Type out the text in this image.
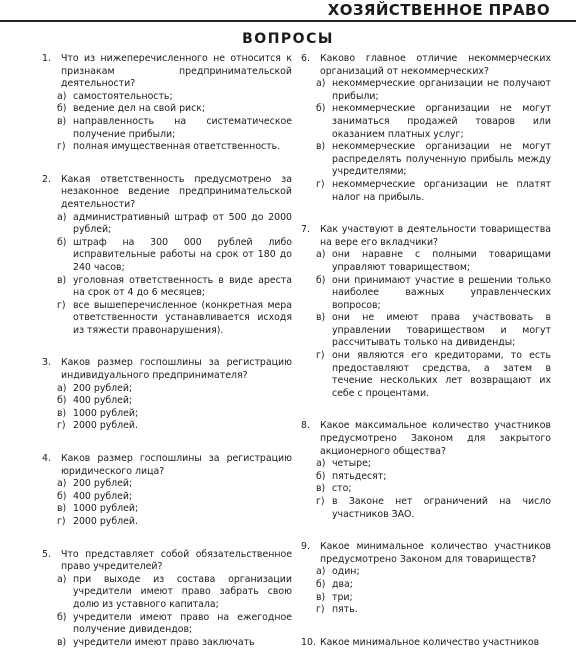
ХОЗЯЙСТВЕННОЕ ПРАВО
ВОПРОСЫ
1.	Что из нижеперечисленного не относится к признакам предпринимательской деятельности?
а) самостоятельность;
б) ведение дел на свой риск;
в) направленность на систематическое получение прибыли;
г) полная имущественная ответственность.
2.	Какая ответственность предусмотрено за незаконное ведение предпринимательской деятельности?
а) административный штраф от 500 до 2000 рублей;
б) штраф на 300 000 рублей либо исправительные работы на срок от 180 до 240 часов;
в) уголовная ответственность в виде ареста на срок от 4 до 6 месяцев;
г) все вышеперечисленное (конкретная мера ответственности устанавливается исходя из тяжести правонарушения).
3.	Каков размер госпошлины за регистрацию индивидуального предпринимателя?
а) 200 рублей;
б) 400 рублей;
в) 1000 рублей;
г) 2000 рублей.
4.	Каков размер госпошлины за регистрацию юридического лица?
а) 200 рублей;
б) 400 рублей;
в) 1000 рублей;
г) 2000 рублей.
5.	Что представляет собой обязательственное право учредителей?
а) при выходе из состава организации учредители имеют право забрать свою долю из уставного капитала;
б) учредители имеют право на ежегодное получение дивидендов;
в) учредители имеют право заключать
6.	Каково главное отличие некоммерческих организаций от некоммерческих?
а) некоммерческие организации не получают прибыли;
б) некоммерческие организации не могут заниматься продажей товаров или оказанием платных услуг;
в) некоммерческие организации не могут распределять полученную прибыль между учредителями;
г) некоммерческие организации не платят налог на прибыль.
7.	Как участвуют в деятельности товарищества на вере его вкладчики?
а) они наравне с полными товарищами управляют товариществом;
б) они принимают участие в решении только наиболее важных управленческих вопросов;
в) они не имеют права участвовать в управлении товариществом и могут рассчитывать только на дивиденды;
г) они являются его кредиторами, то есть предоставляют средства, а затем в течение нескольких лет возвращают их себе с процентами.
8.	Какое максимальное количество участников предусмотрено Законом для закрытого акционерного общества?
а) четыре;
б) пятьдесят;
в) сто;
г) в Законе нет ограничений на число участников ЗАО.
9.	Какое минимальное количество участников предусмотрено Законом для товариществ?
а) один;
б) два;
в) три;
г) пять.
10. Какое минимальное количество участников
